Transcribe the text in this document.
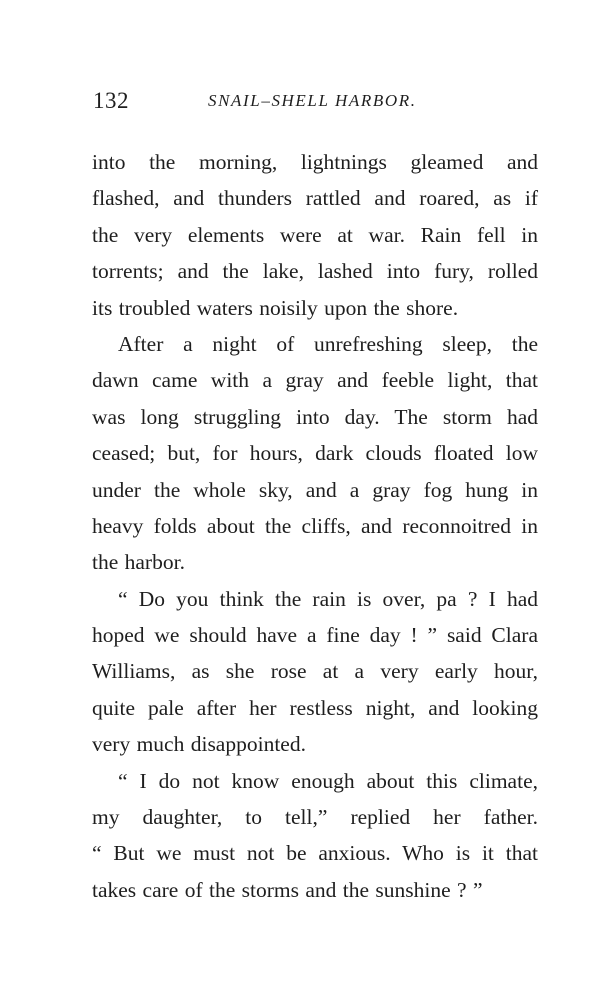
132	SNAIL–SHELL HARBOR.
into the morning, lightnings gleamed and
flashed, and thunders rattled and roared, as if
the very elements were at war. Rain fell in
torrents; and the lake, lashed into fury, rolled
its troubled waters noisily upon the shore.
After a night of unrefreshing sleep, the
dawn came with a gray and feeble light, that
was long struggling into day. The storm had
ceased; but, for hours, dark clouds floated low
under the whole sky, and a gray fog hung in
heavy folds about the cliffs, and reconnoitred in
the harbor.
“ Do you think the rain is over, pa ? I had
hoped we should have a fine day ! ” said Clara
Williams, as she rose at a very early hour,
quite pale after her restless night, and looking
very much disappointed.
“ I do not know enough about this climate,
my daughter, to tell,” replied her father.
“ But we must not be anxious. Who is it that
takes care of the storms and the sunshine ? ”
